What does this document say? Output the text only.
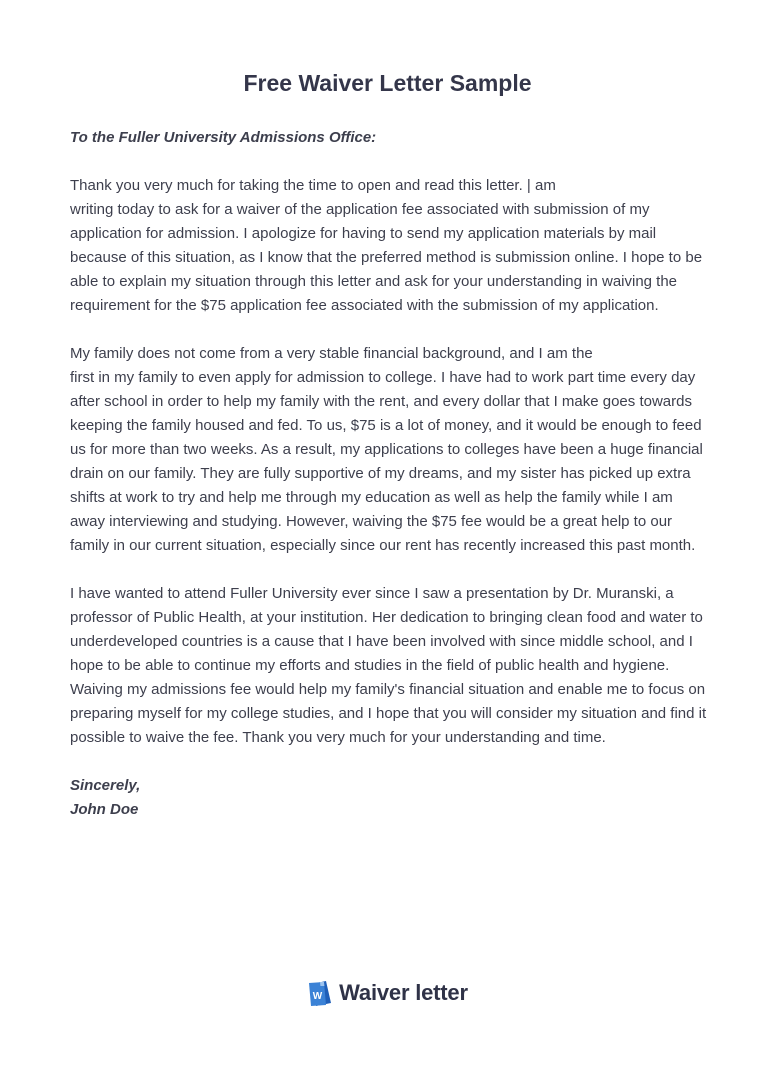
Free Waiver Letter Sample

To the Fuller University Admissions Office:

Thank you very much for taking the time to open and read this letter. | am
writing today to ask for a waiver of the application fee associated with submission of my application for admission. I apologize for having to send my application materials by mail because of this situation, as I know that the preferred method is submission online. I hope to be able to explain my situation through this letter and ask for your understanding in waiving the requirement for the $75 application fee associated with the submission of my application.

My family does not come from a very stable financial background, and I am the
first in my family to even apply for admission to college. I have had to work part time every day after school in order to help my family with the rent, and every dollar that I make goes towards keeping the family housed and fed. To us, $75 is a lot of money, and it would be enough to feed us for more than two weeks. As a result, my applications to colleges have been a huge financial drain on our family. They are fully supportive of my dreams, and my sister has picked up extra shifts at work to try and help me through my education as well as help the family while I am away interviewing and studying. However, waiving the $75 fee would be a great help to our family in our current situation, especially since our rent has recently increased this past month.

I have wanted to attend Fuller University ever since I saw a presentation by Dr. Muranski, a professor of Public Health, at your institution. Her dedication to bringing clean food and water to underdeveloped countries is a cause that I have been involved with since middle school, and I hope to be able to continue my efforts and studies in the field of public health and hygiene. Waiving my admissions fee would help my family's financial situation and enable me to focus on preparing myself for my college studies, and I hope that you will consider my situation and find it possible to waive the fee. Thank you very much for your understanding and time.

Sincerely,
John Doe
W Waiver letter
